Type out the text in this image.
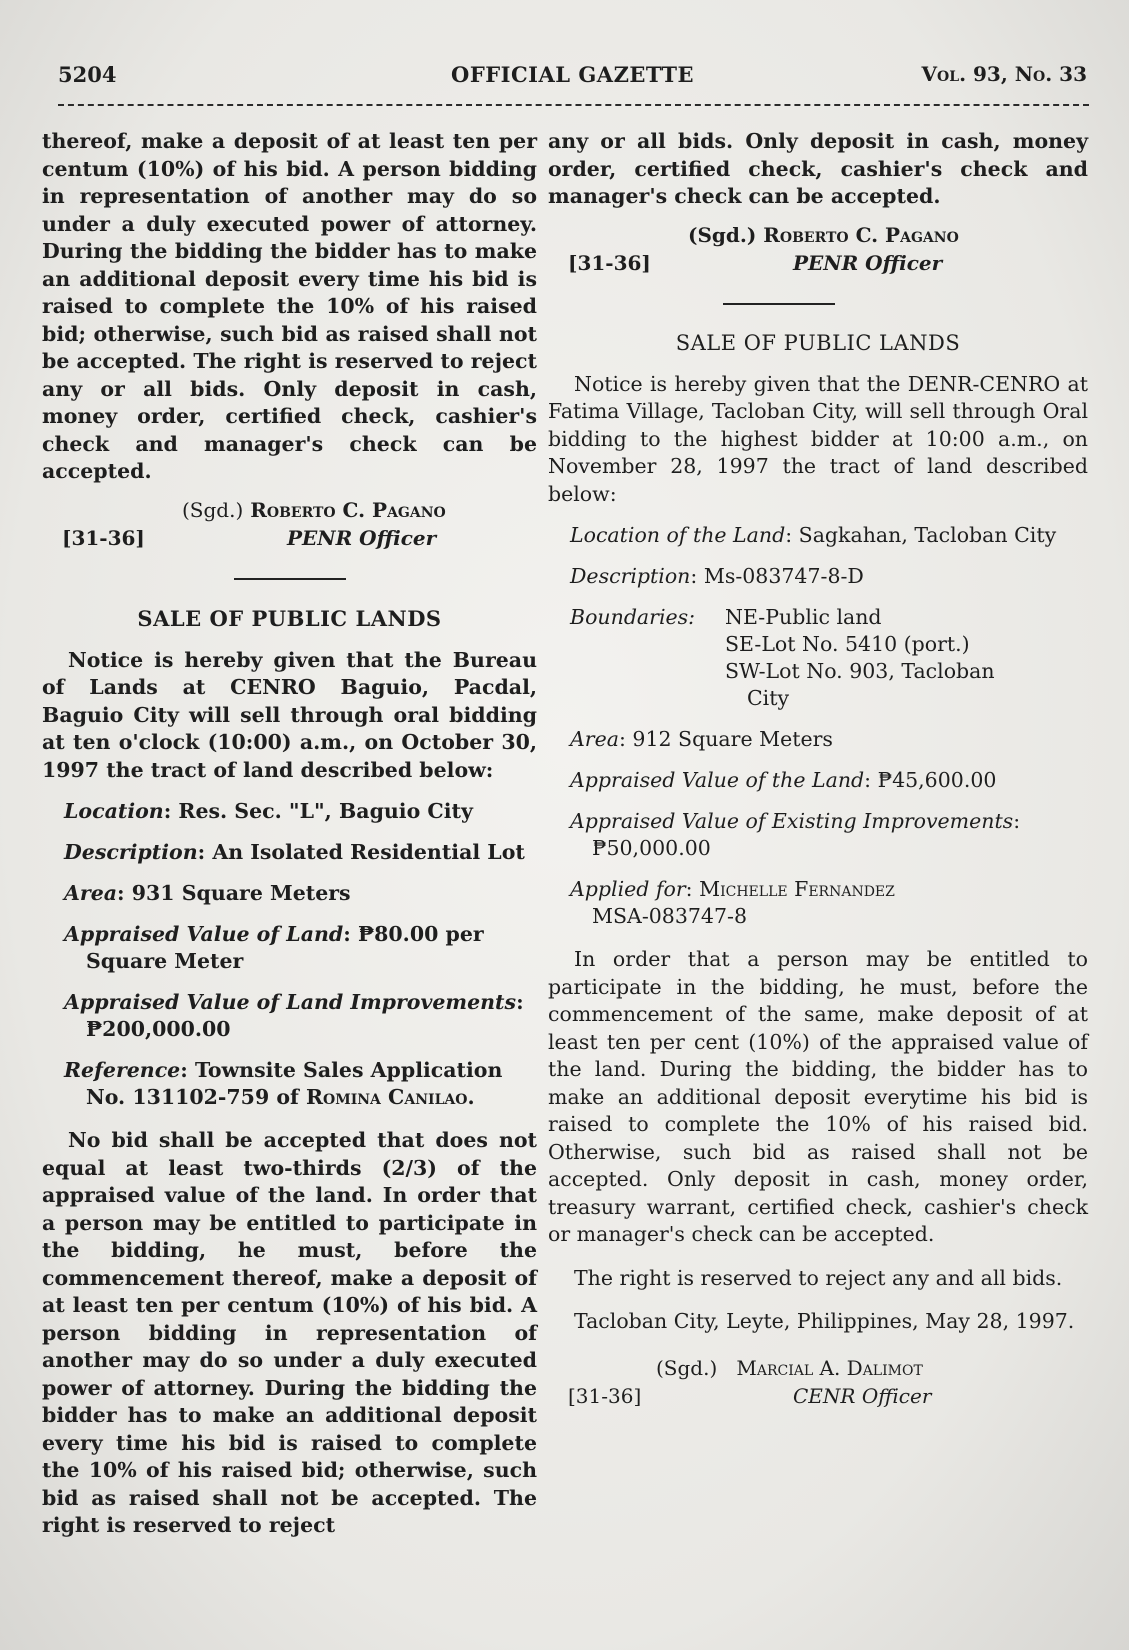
5204	OFFICIAL GAZETTE	Vol. 93, No. 33

thereof, make a deposit of at least ten per centum (10%) of his bid. A person bidding in representation of another may do so under a duly executed power of attorney. During the bidding the bidder has to make an additional deposit every time his bid is raised to complete the 10% of his raised bid; otherwise, such bid as raised shall not be accepted. The right is reserved to reject any or all bids. Only deposit in cash, money order, certified check, cashier's check and manager's check can be accepted.

(Sgd.) Roberto C. Pagano
[31-36]	PENR Officer
SALE OF PUBLIC LANDS

Notice is hereby given that the Bureau of Lands at CENRO Baguio, Pacdal, Baguio City will sell through oral bidding at ten o'clock (10:00) a.m., on October 30, 1997 the tract of land described below:

Location: Res. Sec. "L", Baguio City
Description: An Isolated Residential Lot
Area: 931 Square Meters
Appraised Value of Land: ₱80.00 per Square Meter
Appraised Value of Land Improvements:
₱200,000.00
Reference: Townsite Sales Application No. 131102-759 of Romina Canilao.

No bid shall be accepted that does not equal at least two-thirds (2/3) of the appraised value of the land. In order that a person may be entitled to participate in the bidding, he must, before the commencement thereof, make a deposit of at least ten per centum (10%) of his bid. A person bidding in representation of another may do so under a duly executed power of attorney. During the bidding the bidder has to make an additional deposit every time his bid is raised to complete the 10% of his raised bid; otherwise, such bid as raised shall not be accepted. The right is reserved to reject

any or all bids. Only deposit in cash, money order, certified check, cashier's check and manager's check can be accepted.

(Sgd.) Roberto C. Pagano
[31-36]	PENR Officer
SALE OF PUBLIC LANDS

Notice is hereby given that the DENR-CENRO at Fatima Village, Tacloban City, will sell through Oral bidding to the highest bidder at 10:00 a.m., on November 28, 1997 the tract of land described below:

Location of the Land: Sagkahan, Tacloban City
Description: Ms-083747-8-D
Boundaries:	NE-Public land
SE-Lot No. 5410 (port.)
SW-Lot No. 903, Tacloban
City
Area: 912 Square Meters
Appraised Value of the Land: ₱45,600.00
Appraised Value of Existing Improvements: ₱50,000.00
Applied for: Michelle Fernandez
MSA-083747-8

In order that a person may be entitled to participate in the bidding, he must, before the commencement of the same, make deposit of at least ten per cent (10%) of the appraised value of the land. During the bidding, the bidder has to make an additional deposit everytime his bid is raised to complete the 10% of his raised bid. Otherwise, such bid as raised shall not be accepted. Only deposit in cash, money order, treasury warrant, certified check, cashier's check or manager's check can be accepted.

The right is reserved to reject any and all bids.

Tacloban City, Leyte, Philippines, May 28, 1997.

(Sgd.) Marcial A. Dalimot
[31-36]	CENR Officer
